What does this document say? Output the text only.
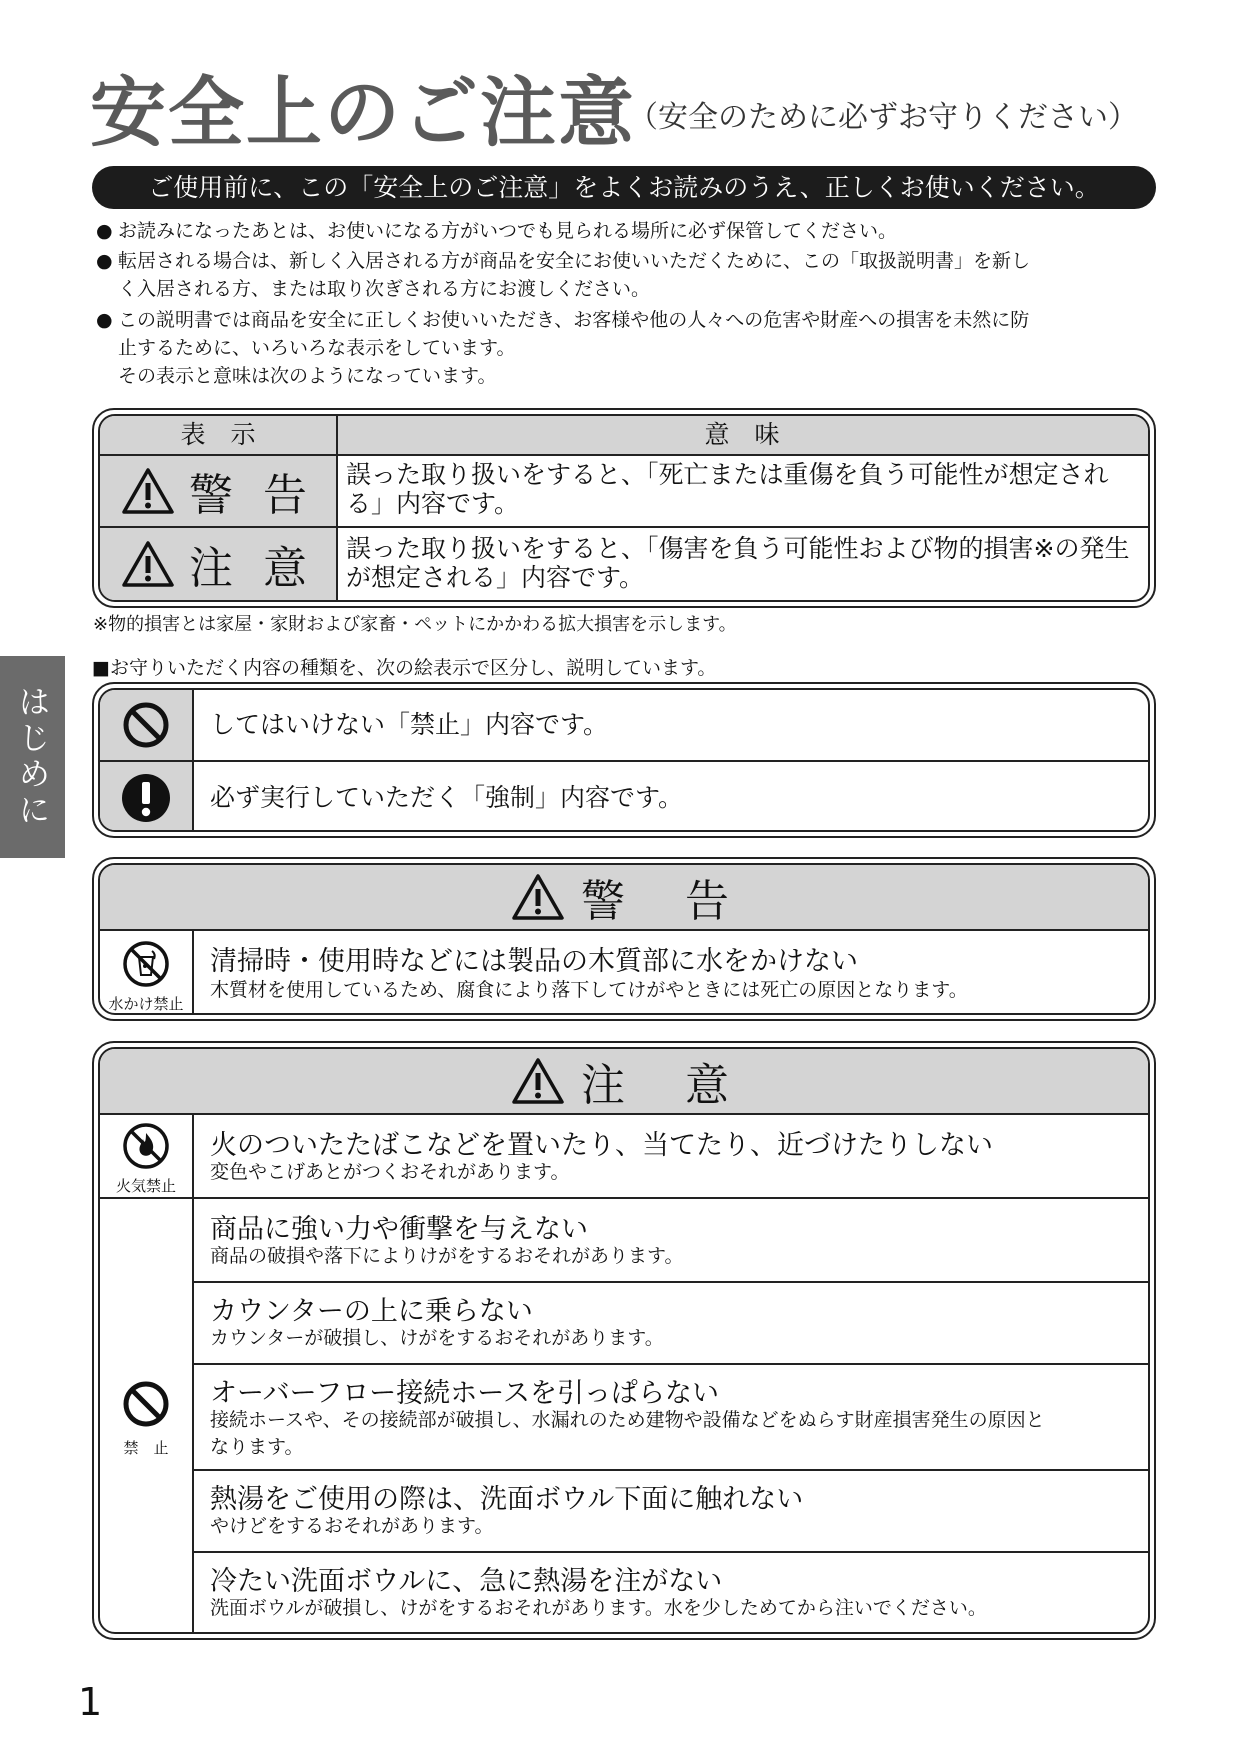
安全上のご注意
（安全のために必ずお守りください）
ご使用前に、この「安全上のご注意」をよくお読みのうえ、正しくお使いください。
● お読みになったあとは、お使いになる方がいつでも見られる場所に必ず保管してください。
● 転居される場合は、新しく入居される方が商品を安全にお使いいただくために、この「取扱説明書」を新し
く入居される方、または取り次ぎされる方にお渡しください。
● この説明書では商品を安全に正しくお使いいただき、お客様や他の人々への危害や財産への損害を未然に防
止するために、いろいろな表示をしています。
その表示と意味は次のようになっています。
表　示	意　味
警 告 誤った取り扱いをすると、「死亡または重傷を負う可能性が想定され
る」内容です。
注 意 誤った取り扱いをすると、「傷害を負う可能性および物的損害※の発生
が想定される」内容です。
※物的損害とは家屋・家財および家畜・ペットにかかわる拡大損害を示します。
■お守りいただく内容の種類を、次の絵表示で区分し、説明しています。
してはいけない「禁止」内容です。
必ず実行していただく「強制」内容です。
はじめに
警　告
水かけ禁止
清掃時・使用時などには製品の木質部に水をかけない
木質材を使用しているため、腐食により落下してけがやときには死亡の原因となります。
注　意
火気禁止
火のついたたばこなどを置いたり、当てたり、近づけたりしない
変色やこげあとがつくおそれがあります。
禁　止
商品に強い力や衝撃を与えない
商品の破損や落下によりけがをするおそれがあります。
カウンターの上に乗らない
カウンターが破損し、けがをするおそれがあります。
オーバーフロー接続ホースを引っぱらない
接続ホースや、その接続部が破損し、水漏れのため建物や設備などをぬらす財産損害発生の原因と
なります。
熱湯をご使用の際は、洗面ボウル下面に触れない
やけどをするおそれがあります。
冷たい洗面ボウルに、急に熱湯を注がない
洗面ボウルが破損し、けがをするおそれがあります。水を少しためてから注いでください。
1
